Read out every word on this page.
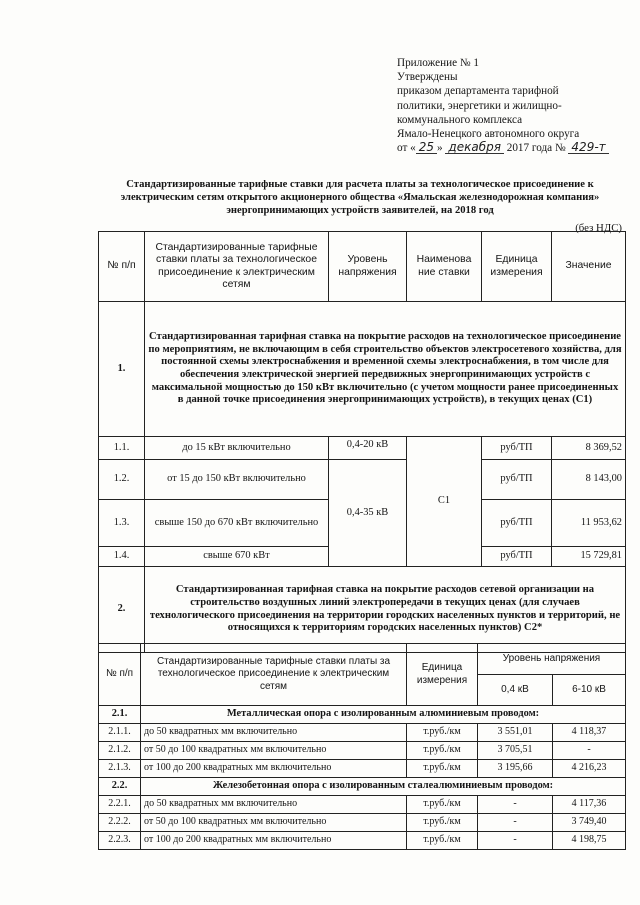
Приложение № 1
Утверждены
приказом департамента тарифной
политики, энергетики и жилищно-
коммунального комплекса
Ямало-Ненецкого автономного округа
от « 25 » декабря 2017 года № 429-т
Стандартизированные тарифные ставки для расчета платы за технологическое присоединение к электрическим сетям открытого акционерного общества «Ямальская железнодорожная компания» энергопринимающих устройств заявителей, на 2018 год
(без НДС)
№ п/п	Стандартизированные тарифные ставки платы за технологическое присоединение к электрическим сетям	Уровень напряжения	Наименова ние ставки	Единица измерения	Значение
1.	Стандартизированная тарифная ставка на покрытие расходов на технологическое присоединение по мероприятиям, не включающим в себя строительство объектов электросетевого хозяйства, для постоянной схемы электроснабжения и временной схемы электроснабжения, в том числе для обеспечения электрической энергией передвижных энергопринимающих устройств с максимальной мощностью до 150 кВт включительно (с учетом мощности ранее присоединенных в данной точке присоединения энергопринимающих устройств), в текущих ценах (С1)				
1.1.	до 15 кВт включительно	0,4-20 кВ	С1	руб/ТП	8 369,52
1.2.	от 15 до 150 кВт включительно	0,4-35 кВ		руб/ТП	8 143,00
1.3.	свыше 150 до 670 кВт включительно			руб/ТП	11 953,62
1.4.	свыше 670 кВт			руб/ТП	15 729,81
2.	Стандартизированная тарифная ставка на покрытие расходов сетевой организации на строительство воздушных линий электропередачи в текущих ценах (для случаев технологического присоединения на территории городских населенных пунктов и территорий, не относящихся к территориям городских населенных пунктов) С2*				
№ п/п	Стандартизированные тарифные ставки платы за технологическое присоединение к электрическим сетям	Единица измерения	Уровень напряжения	
			0,4 кВ	6-10 кВ
2.1.	Металлическая опора с изолированным алюминиевым проводом:			
2.1.1.	до 50 квадратных мм включительно	т.руб./км	3 551,01	4 118,37
2.1.2.	от 50 до 100 квадратных мм включительно	т.руб./км	3 705,51	-
2.1.3.	от 100 до 200 квадратных мм включительно	т.руб./км	3 195,66	4 216,23
2.2.	Железобетонная опора с изолированным сталеалюминиевым проводом:			
2.2.1.	до 50 квадратных мм включительно	т.руб./км	-	4 117,36
2.2.2.	от 50 до 100 квадратных мм включительно	т.руб./км	-	3 749,40
2.2.3.	от 100 до 200 квадратных мм включительно	т.руб./км	-	4 198,75
